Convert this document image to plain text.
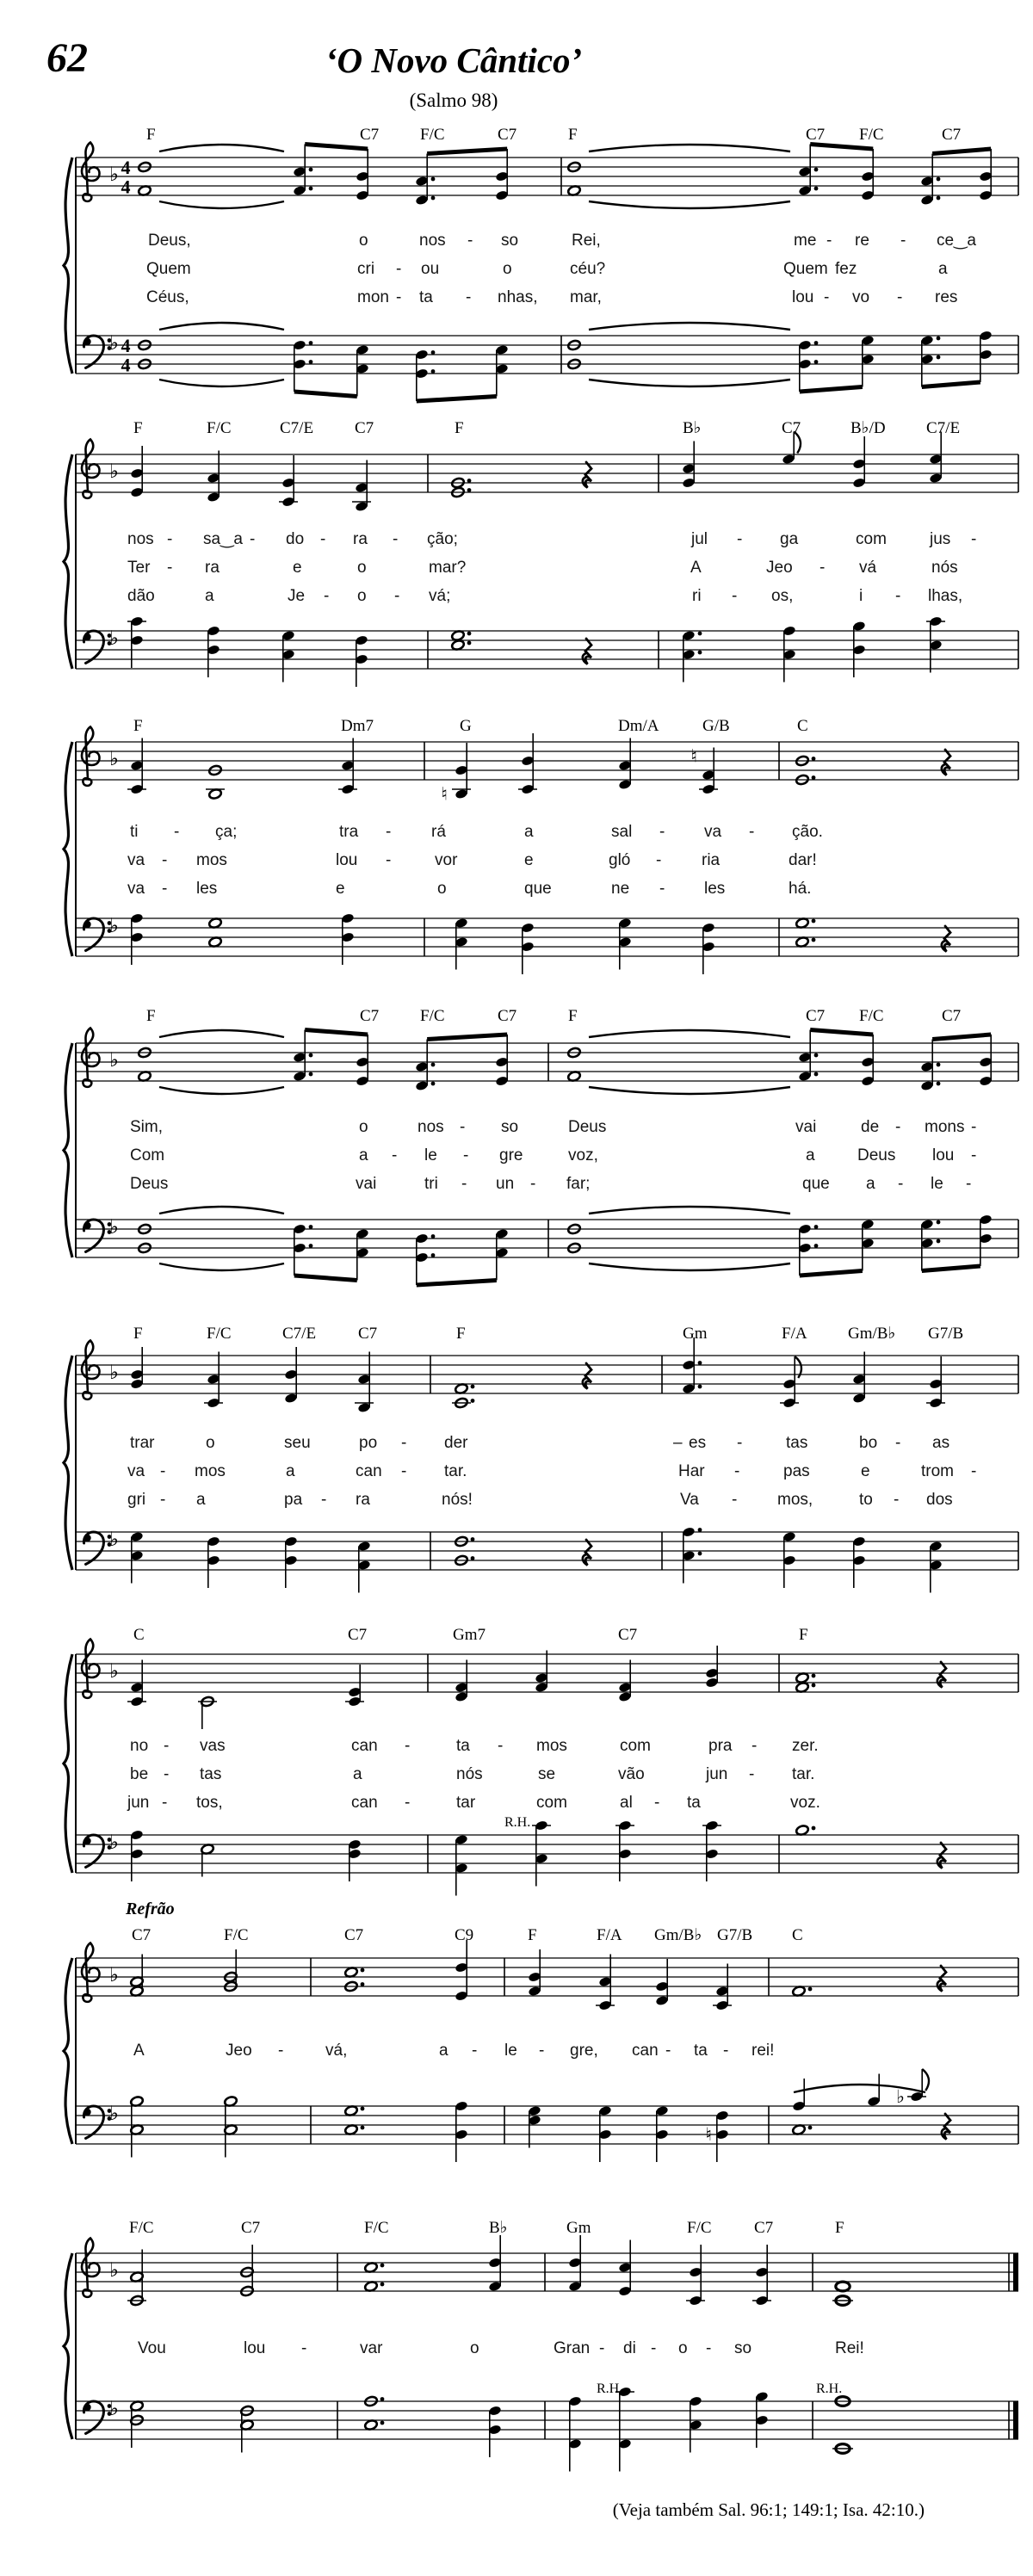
♭ 4
4
♭ 4
4
♭
♭
♭
♮
♮
♭
♭
♭
♭
♭
♭
♭
♭
♭
♮
♭
♭
♭
62	‘O Novo Cântico’
(Salmo 98)
(Veja também Sal. 96:1; 149:1; Isa. 42:10.)
F	C7	F/C	C7	F	C7 F/C	C7
Deus,	o	nos - so	Rei,	me - re - ce‿a
Quem	cri - ou	o	céu?	Quem fez	a
Céus,	mon - ta - nhas, mar,	lou - vo - res
F	F/C	C7/E	C7	F	B♭	C7	B♭/D C7/E
nos - sa‿a - do - ra - ção;	jul - ga	com	jus -
Ter - ra	e	o	mar?	A	Jeo - vá	nós
dão	a	Je - o - vá;	ri - os,	i - lhas,
F	Dm7	G	Dm/A	G/B	C
ti - ça;	tra - rá	a	sal - va - ção.
va - mos	lou -	vor	e	gló - ria	dar!
va - les	e	o	que	ne - les	há.
F	C7	F/C	C7	F	C7 F/C	C7
Sim,	o	nos - so	Deus	vai	de - mons -
Com	a - le - gre	voz,	a	Deus lou -
Deus	vai	tri - un - far;	que a - le -
F	F/C	C7/E	C7	F	Gm	F/A Gm/B♭ G7/B
trar	o	seu	po - der	– es -	tas	bo - as
va - mos	a	can - tar.	Har -	pas	e	trom -
gri - a	pa - ra	nós!	Va - mos,	to - dos
C	C7	Gm7	C7	F
no - vas	can -	ta - mos	com	pra - zer.
be - tas	a	nós	se	vão	jun - tar.
jun - tos,	can -	tar	com	al - ta	voz.
R.H.
C7	F/C	C7	C9	F	F/A Gm/B♭ G7/B C
A	Jeo -	vá,	a - le - gre, can - ta - rei!
Refrão
F/C	C7	F/C	B♭	Gm	F/C	C7	F
Vou	lou -	var	o	Gran - di - o - so	Rei!
R.H.	R.H.
